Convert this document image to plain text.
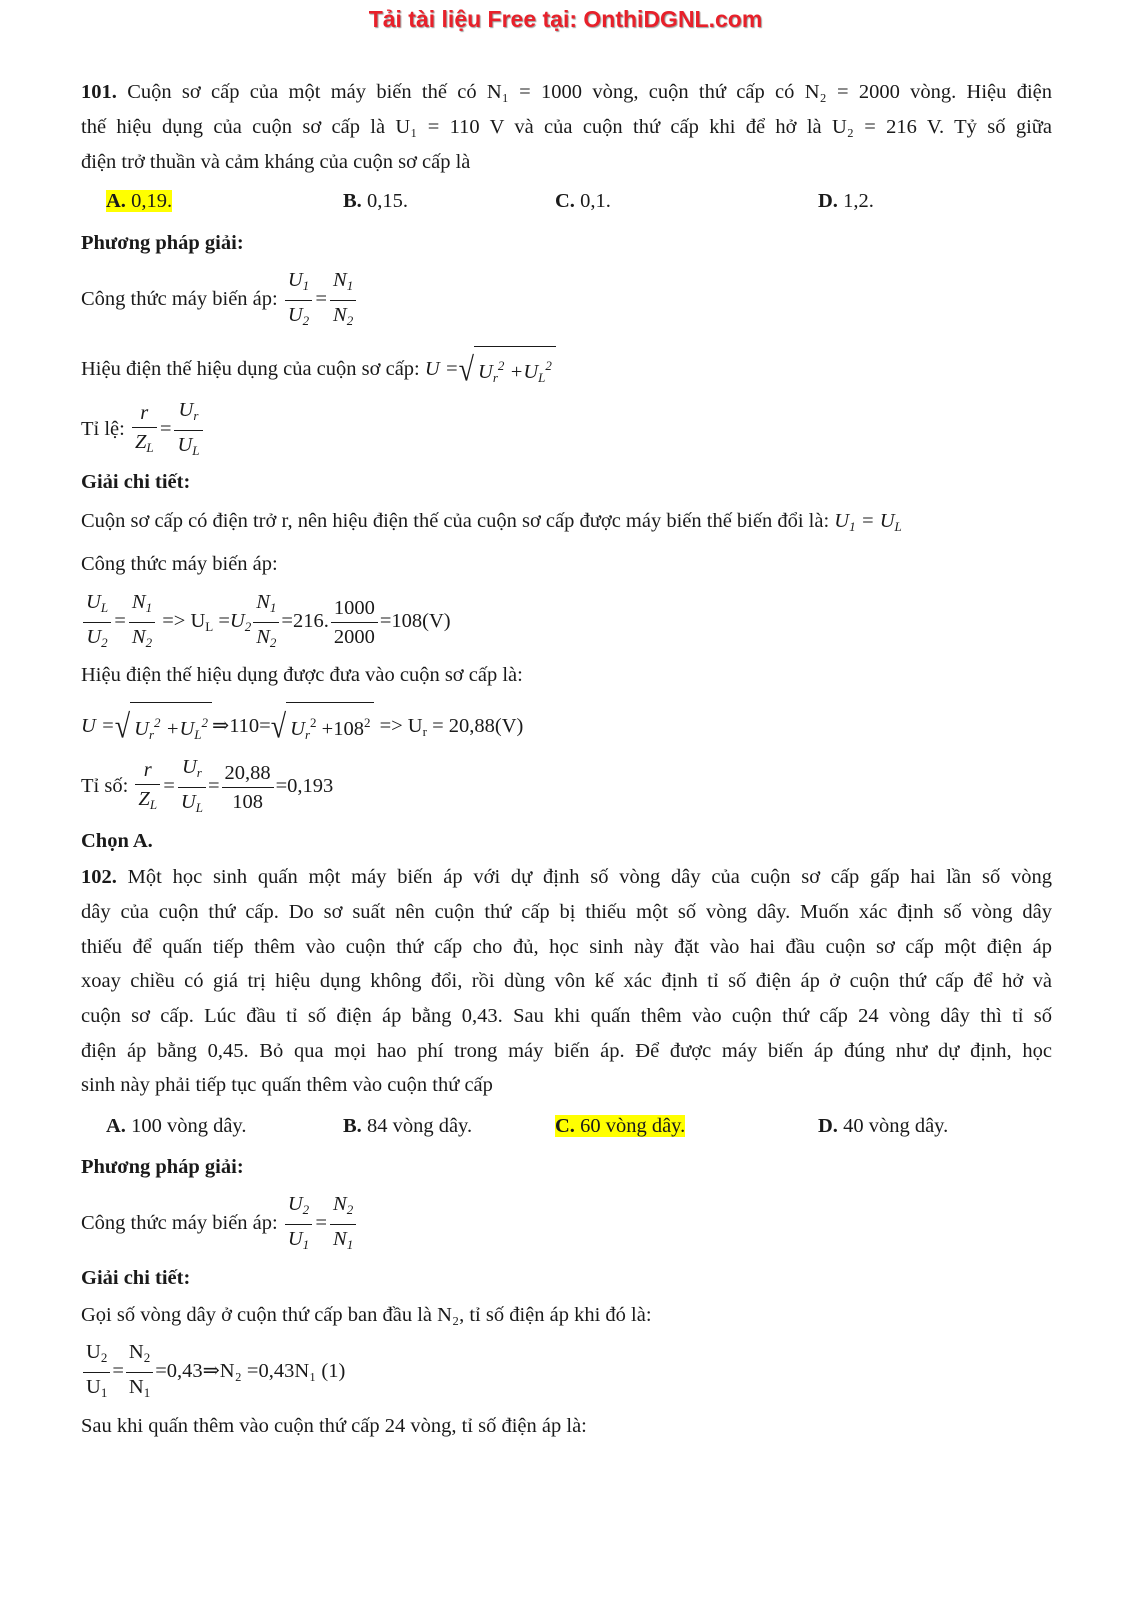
Tải tài liệu Free tại: OnthiDGNL.com
101. Cuộn sơ cấp của một máy biến thế có N₁ = 1000 vòng, cuộn thứ cấp có N₂ = 2000 vòng. Hiệu điện
thế hiệu dụng của cuộn sơ cấp là U₁ = 110 V và của cuộn thứ cấp khi để hở là U₂ = 216 V. Tỷ số giữa
điện trở thuần và cảm kháng của cuộn sơ cấp là
A. 0,19.	B. 0,15.	C. 0,1.	D. 1,2.
Phương pháp giải:
Công thức máy biến áp: $\frac{U_1}{U_2} = \frac{N_1}{N_2}$
Hiệu điện thế hiệu dụng của cuộn sơ cấp: U =√ $U_r^2 +U_L^2$
Tỉ lệ: $\frac{r}{Z_L} = \frac{U_r}{U_L}$
Giải chi tiết:
Cuộn sơ cấp có điện trở r, nên hiệu điện thế của cuộn sơ cấp được máy biến thế biến đổi là: $U_1 = U_L$
Công thức máy biến áp:
$\frac{U_L}{U_2} = \frac{N_1}{N_2} => U_L =U_2 \frac{N_1}{N_2} =216$. $\frac{1000}{2000} =108(V)$
Hiệu điện thế hiệu dụng được đưa vào cuộn sơ cấp là:
U =√ $U_r^2 +U_L^2$ ⇒110=√ $U_r^2 +108^2 => U_r = 20,88(V)$
Tỉ số: $\frac{r}{Z_L} = \frac{U_r}{U_L} = \frac{20,88}{108} =0,193$
Chọn A.
102. Một học sinh quấn một máy biến áp với dự định số vòng dây của cuộn sơ cấp gấp hai lần số vòng
dây của cuộn thứ cấp. Do sơ suất nên cuộn thứ cấp bị thiếu một số vòng dây. Muốn xác định số vòng dây
thiếu để quấn tiếp thêm vào cuộn thứ cấp cho đủ, học sinh này đặt vào hai đầu cuộn sơ cấp một điện áp
xoay chiều có giá trị hiệu dụng không đổi, rồi dùng vôn kế xác định tỉ số điện áp ở cuộn thứ cấp để hở và
cuộn sơ cấp. Lúc đầu tỉ số điện áp bằng 0,43. Sau khi quấn thêm vào cuộn thứ cấp 24 vòng dây thì tỉ số
điện áp bằng 0,45. Bỏ qua mọi hao phí trong máy biến áp. Để được máy biến áp đúng như dự định, học
sinh này phải tiếp tục quấn thêm vào cuộn thứ cấp
A. 100 vòng dây.	B. 84 vòng dây.	C. 60 vòng dây.	D. 40 vòng dây.
Phương pháp giải:
Công thức máy biến áp: $\frac{U_2}{U_1} = \frac{N_2}{N_1}$
Giải chi tiết:
Gọi số vòng dây ở cuộn thứ cấp ban đầu là N₂, tỉ số điện áp khi đó là:
$\frac{U_2}{U_1} = \frac{N_2}{N_1}$ =0,43⇒N₂ =0,43N₁ (1)
Sau khi quấn thêm vào cuộn thứ cấp 24 vòng, tỉ số điện áp là:
